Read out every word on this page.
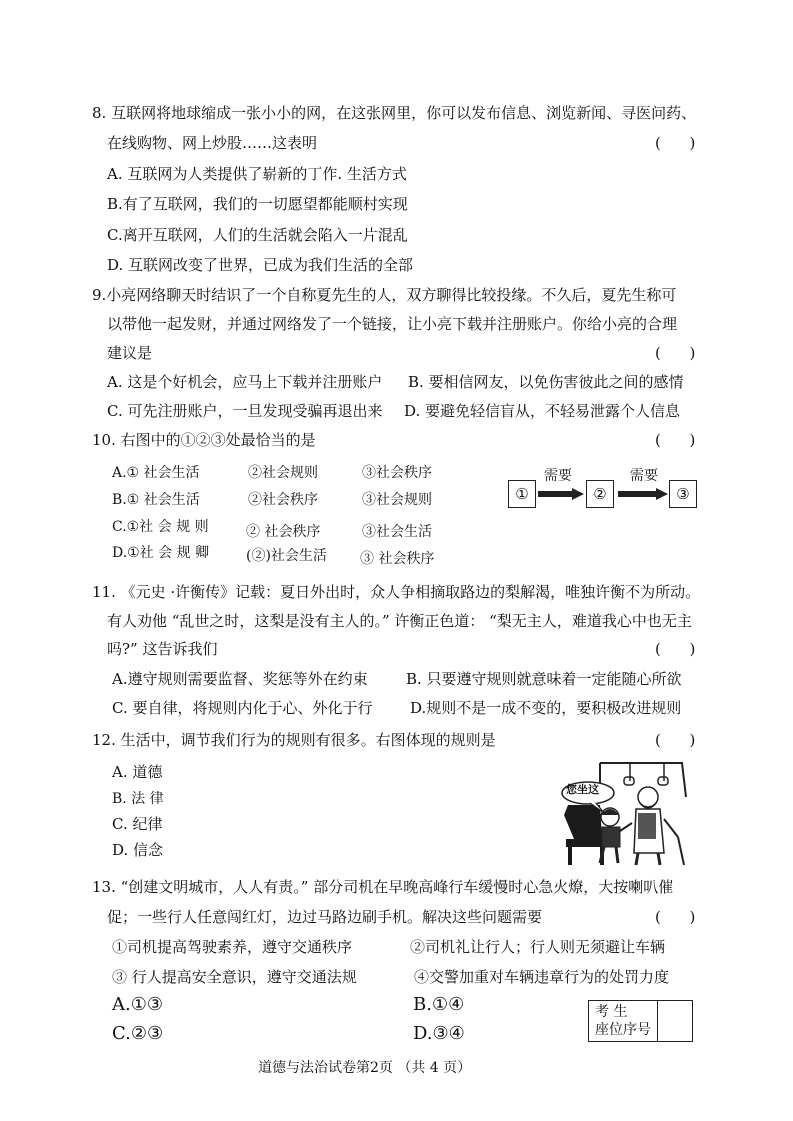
8. 互联网将地球缩成一张小小的网，在这张网里，你可以发布信息、浏览新闻、寻医问药、
在线购物、网上炒股……这表明	(      )
A. 互联网为人类提供了崭新的丁作. 生活方式
B.有了互联网，我们的一切愿望都能顺村实现
C.离开互联网，人们的生活就会陷入一片混乱
D. 互联网改变了世界，已成为我们生活的全部
9.小亮网络聊天时结识了一个自称夏先生的人，双方聊得比较投缘。不久后，夏先生称可
以带他一起发财，并通过网络发了一个链接，让小亮下载并注册账户。你给小亮的合理
建议是	(      )
A. 这是个好机会，应马上下载并注册账户 B. 要相信网友，以免伤害彼此之间的感情
C. 可先注册账户，一旦发现受骗再退出来 D. 要避免轻信盲从，不轻易泄露个人信息
10. 右图中的①②③处最恰当的是	(      )
A.① 社会生活	②社会规则	③社会秩序
B.① 社会生活	②社会秩序	③社会规则
C.①社 会 规 则	② 社会秩序	③社会生活
D.①社 会 规 卿	(②)社会生活 ③ 社会秩序
①
需要
②
需要
③
11. 《元史 ·许衡传》记载：夏日外出时，众人争相摘取路边的梨解渴，唯独许衡不为所动。
有人劝他 “乱世之时，这梨是没有主人的。” 许衡正色道： “梨无主人，难道我心中也无主
吗?” 这告诉我们	(      )
A.遵守规则需要监督、奖惩等外在约束	B. 只要遵守规则就意味着一定能随心所欲
C. 要自律，将规则内化于心、外化于行	D.规则不是一成不变的，要积极改进规则
12. 生活中，调节我们行为的规则有很多。右图体现的规则是	(      )
A. 道德
B. 法 律
C. 纪律
D. 信念
您坐这
13. “创建文明城市，人人有责。” 部分司机在早晚高峰行车缓慢时心急火燎，大按喇叭催
促；一些行人任意闯红灯，边过马路边刷手机。解决这些问题需要	(      )
①司机提高驾驶素养，遵守交通秩序	②司机礼让行人；行人则无须避让车辆
③ 行人提高安全意识，遵守交通法规	④交警加重对车辆违章行为的处罚力度
A.①③	B.①④
C.②③	D.③④
考 生
座位序号

道德与法治试卷第2页 （共 4 页）
